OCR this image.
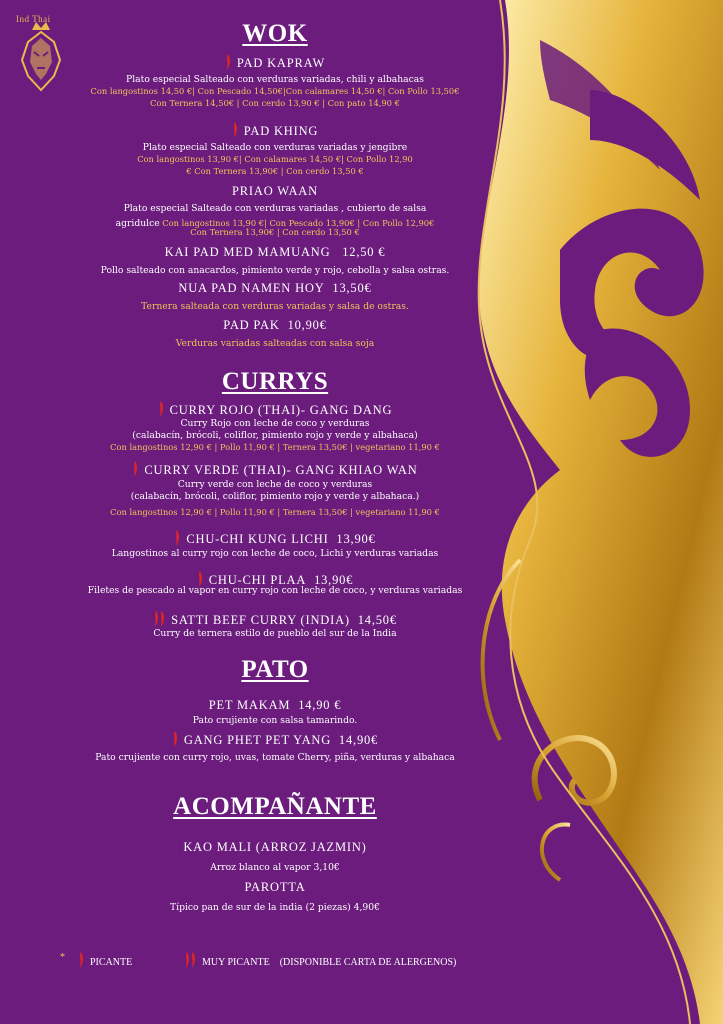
Ind Thai
WOK
PAD KAPRAW
Plato especial Salteado con verduras variadas, chili y albahacas
Con langostinos 14,50 €| Con Pescado 14,50€|Con calamares 14,50 €| Con Pollo 13,50€
Con Ternera 14,50€ | Con cerdo 13,90 € | Con pato 14,90 €
PAD KHING
Plato especial Salteado con verduras variadas y jengibre
Con langostinos 13,90 €| Con calamares 14,50 €| Con Pollo 12,90
€ Con Ternera 13,90€ | Con cerdo 13,50 €
PRIAO WAAN
Plato especial Salteado con verduras variadas , cubierto de salsa
agridulce Con langostinos 13,90 €| Con Pescado 13,90€ | Con Pollo 12,90€
Con Ternera 13,90€ | Con cerdo 13,50 €
KAI PAD MED MAMUANG 12,50 €
Pollo salteado con anacardos, pimiento verde y rojo, cebolla y salsa ostras.
NUA PAD NAMEN HOY 13,50€
Ternera salteada con verduras variadas y salsa de ostras.
PAD PAK 10,90€
Verduras variadas salteadas con salsa soja
CURRYS
CURRY ROJO (THAI)- GANG DANG
Curry Rojo con leche de coco y verduras
(calabacín, brócoli, coliflor, pimiento rojo y verde y albahaca)
Con langostinos 12,90 € | Pollo 11,90 € | Ternera 13,50€ | vegetariano 11,90 €
CURRY VERDE (THAI)- GANG KHIAO WAN
Curry verde con leche de coco y verduras
(calabacín, brócoli, coliflor, pimiento rojo y verde y albahaca.)
Con langostinos 12,90 € | Pollo 11,90 € | Ternera 13,50€ | vegetariano 11,90 €
CHU-CHI KUNG LICHI 13,90€
Langostinos al curry rojo con leche de coco, Lichi y verduras variadas
CHU-CHI PLAA 13,90€
Filetes de pescado al vapor en curry rojo con leche de coco, y verduras variadas
SATTI BEEF CURRY (INDIA) 14,50€
Curry de ternera estilo de pueblo del sur de la India
PATO
PET MAKAM 14,90 €
Pato crujiente con salsa tamarindo.
GANG PHET PET YANG 14,90€
Pato crujiente con curry rojo, uvas, tomate Cherry, piña, verduras y albahaca
ACOMPAÑANTE
KAO MALI (ARROZ JAZMIN)
Arroz blanco al vapor 3,10€
PAROTTA
Típico pan de sur de la india (2 piezas) 4,90€
*	PICANTE	MUY PICANTE (DISPONIBLE CARTA DE ALERGENOS)
